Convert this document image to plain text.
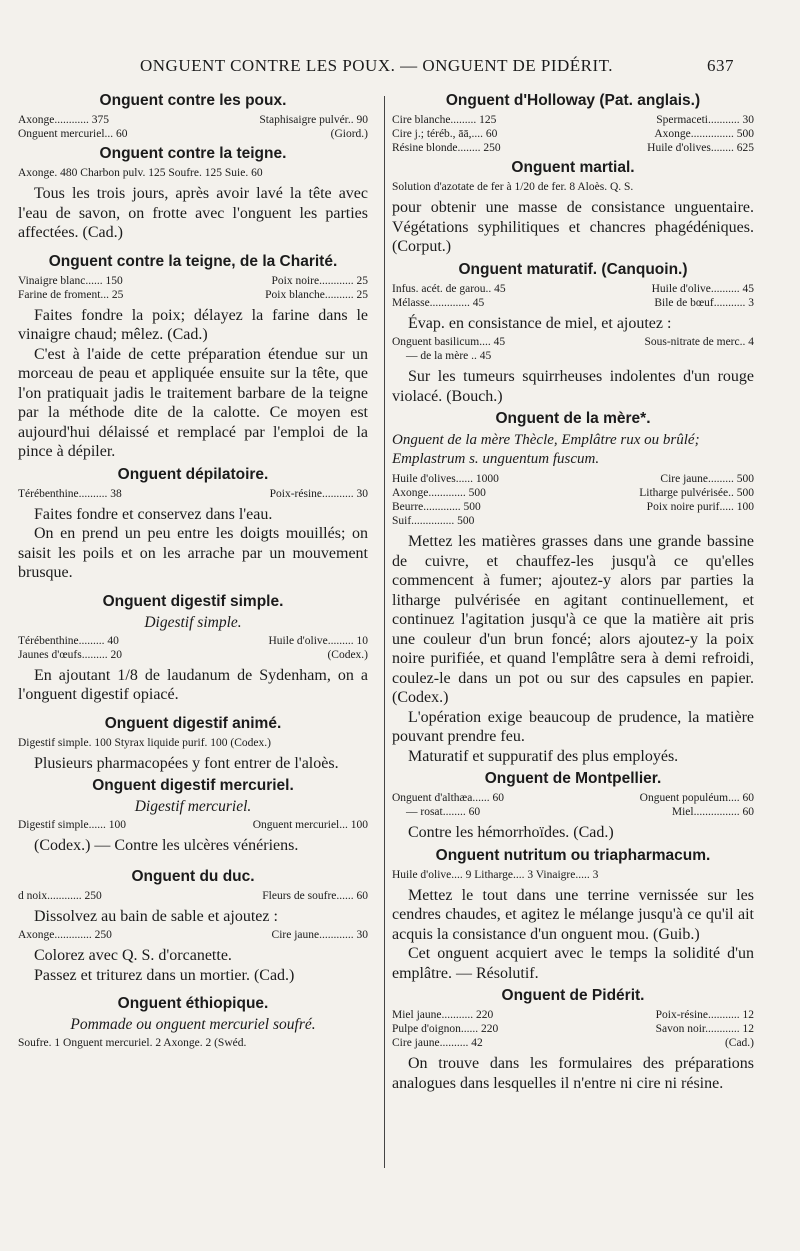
ONGUENT CONTRE LES POUX. — ONGUENT DE PIDÉRIT.	637
Onguent contre les poux.
Axonge............ 375	Staphisaigre pulvér.. 90
Onguent mercuriel... 60	(Giord.)
Onguent contre la teigne.
Axonge. 480 Charbon pulv. 125 Soufre. 125 Suie. 60

Tous les trois jours, après avoir lavé la tête avec l'eau de savon, on frotte avec l'onguent les parties affectées. (Cad.)

Onguent contre la teigne, de la Charité.
Vinaigre blanc...... 150	Poix noire............ 25
Farine de froment... 25	Poix blanche.......... 25

Faites fondre la poix; délayez la farine dans le vinaigre chaud; mêlez. (Cad.)

C'est à l'aide de cette préparation étendue sur un morceau de peau et appliquée ensuite sur la tête, que l'on pratiquait jadis le traitement barbare de la teigne par la méthode dite de la calotte. Ce moyen est aujourd'hui délaissé et remplacé par l'emploi de la pince à dépiler.

Onguent dépilatoire.
Térébenthine.......... 38	Poix-résine........... 30

Faites fondre et conservez dans l'eau.

On en prend un peu entre les doigts mouillés; on saisit les poils et on les arrache par un mouvement brusque.

Onguent digestif simple.
Digestif simple.
Térébenthine......... 40	Huile d'olive......... 10
Jaunes d'œufs......... 20	(Codex.)

En ajoutant 1/8 de laudanum de Sydenham, on a l'onguent digestif opiacé.

Onguent digestif animé.
Digestif simple. 100 Styrax liquide purif. 100 (Codex.)

Plusieurs pharmacopées y font entrer de l'aloès.

Onguent digestif mercuriel.
Digestif mercuriel.
Digestif simple...... 100	Onguent mercuriel... 100

(Codex.) — Contre les ulcères vénériens.

Onguent du duc.
d noix............ 250	Fleurs de soufre...... 60

Dissolvez au bain de sable et ajoutez :

Axonge............. 250	Cire jaune............ 30

Colorez avec Q. S. d'orcanette.

Passez et triturez dans un mortier. (Cad.)

Onguent éthiopique.
Pommade ou onguent mercuriel soufré.
Soufre. 1 Onguent mercuriel. 2 Axonge. 2 (Swéd.
Onguent d'Holloway (Pat. anglais.)
Cire blanche......... 125	Spermaceti........... 30
Cire j.; téréb., āā,.... 60	Axonge............... 500
Résine blonde........ 250	Huile d'olives........ 625
Onguent martial.
Solution d'azotate de fer à 1/20 de fer. 8 Aloès. Q. S.

pour obtenir une masse de consistance unguentaire. Végétations syphilitiques et chancres phagédéniques. (Corput.)

Onguent maturatif. (Canquoin.)
Infus. acét. de garou.. 45	Huile d'olive.......... 45
Mélasse.............. 45	Bile de bœuf........... 3

Évap. en consistance de miel, et ajoutez :

Onguent basilicum.... 45	Sous-nitrate de merc.. 4
— de la mère .. 45

Sur les tumeurs squirrheuses indolentes d'un rouge violacé. (Bouch.)

Onguent de la mère*.
Onguent de la mère Thècle, Emplâtre rux ou brûlé; Emplastrum s. unguentum fuscum.
Huile d'olives...... 1000	Cire jaune......... 500
Axonge............. 500	Litharge pulvérisée.. 500
Beurre............. 500	Poix noire purif..... 100
Suif............... 500

Mettez les matières grasses dans une grande bassine de cuivre, et chauffez-les jusqu'à ce qu'elles commencent à fumer; ajoutez-y alors par parties la litharge pulvérisée en agitant continuellement, et continuez l'agitation jusqu'à ce que la matière ait pris une couleur d'un brun foncé; alors ajoutez-y la poix noire purifiée, et quand l'emplâtre sera à demi refroidi, coulez-le dans un pot ou sur des capsules en papier. (Codex.)

L'opération exige beaucoup de prudence, la matière pouvant prendre feu.

Maturatif et suppuratif des plus employés.

Onguent de Montpellier.
Onguent d'althæa...... 60	Onguent populéum.... 60
— rosat........ 60	Miel................ 60

Contre les hémorrhoïdes. (Cad.)

Onguent nutritum ou triapharmacum.
Huile d'olive.... 9 Litharge.... 3 Vinaigre..... 3

Mettez le tout dans une terrine vernissée sur les cendres chaudes, et agitez le mélange jusqu'à ce qu'il ait acquis la consistance d'un onguent mou. (Guib.)

Cet onguent acquiert avec le temps la solidité d'un emplâtre. — Résolutif.

Onguent de Pidérit.
Miel jaune........... 220	Poix-résine........... 12
Pulpe d'oignon...... 220	Savon noir............ 12
Cire jaune.......... 42	(Cad.)

On trouve dans les formulaires des préparations analogues dans lesquelles il n'entre ni cire ni résine.
